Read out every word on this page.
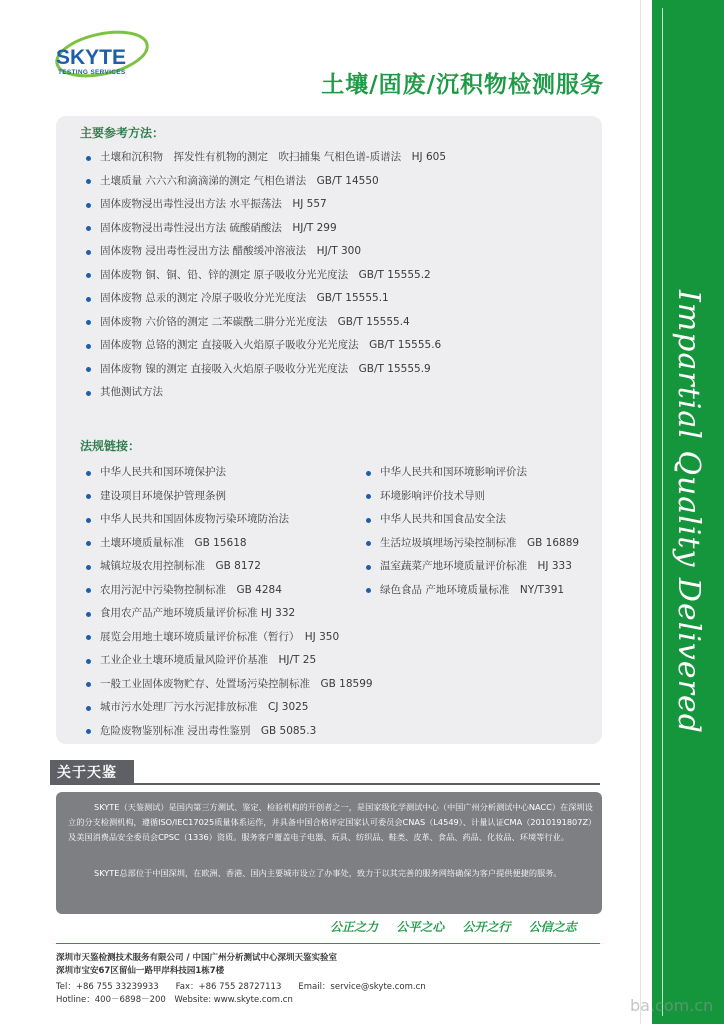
Impartial Quality Delivered
SKYTE
TESTING SERVICES	土壤/固废/沉积物检测服务
主要参考方法：
土壤和沉积物　挥发性有机物的测定　吹扫捕集 气相色谱-质谱法　HJ 605
土壤质量 六六六和滴滴涕的测定 气相色谱法　GB/T 14550
固体废物浸出毒性浸出方法 水平振荡法　HJ 557
固体废物浸出毒性浸出方法 硫酸硝酸法　HJ/T 299
固体废物 浸出毒性浸出方法 醋酸缓冲溶液法　HJ/T 300
固体废物 铜、铜、铅、锌的测定 原子吸收分光光度法　GB/T 15555.2
固体废物 总汞的测定 冷原子吸收分光光度法　GB/T 15555.1
固体废物 六价铬的测定 二苯碳酰二肼分光光度法　GB/T 15555.4
固体废物 总铬的测定 直接吸入火焰原子吸收分光光度法　GB/T 15555.6
固体废物 镍的测定 直接吸入火焰原子吸收分光光度法　GB/T 15555.9
其他测试方法
法规链接：
中华人民共和国环境保护法
建设项目环境保护管理条例
中华人民共和国固体废物污染环境防治法
土壤环境质量标准　GB 15618
城镇垃圾农用控制标准　GB 8172
农用污泥中污染物控制标准　GB 4284
食用农产品产地环境质量评价标准 HJ 332
展览会用地土壤环境质量评价标准（暂行）　HJ 350
工业企业土壤环境质量风险评价基准　HJ/T 25
一般工业固体废物贮存、处置场污染控制标准　GB 18599
城市污水处理厂污水污泥排放标准　CJ 3025
危险废物鉴别标准 浸出毒性鉴别　GB 5085.3
中华人民共和国环境影响评价法
环境影响评价技术导则
中华人民共和国食品安全法
生活垃圾填埋场污染控制标准　GB 16889
温室蔬菜产地环境质量评价标准　HJ 333
绿色食品 产地环境质量标准　NY/T391
关于天鉴

SKYTE（天鉴测试）是国内第三方测试、鉴定、检验机构的开创者之一，是国家级化学测试中心（中国广州分析测试中心NACC）在深圳设立的分支检测机构，遵循ISO/IEC17025质量体系运作，并具备中国合格评定国家认可委员会CNAS（L4549）、计量认证CMA（2010191807Z）及美国消费品安全委员会CPSC（1336）资质。服务客户覆盖电子电器、玩具、纺织品、鞋类、皮革、食品、药品、化妆品、环境等行业。

SKYTE总部位于中国深圳，在欧洲、香港、国内主要城市设立了办事处，致力于以其完善的服务网络确保为客户提供便捷的服务。

公正之力 公平之心 公开之行 公信之志
深圳市天鉴检测技术服务有限公司 / 中国广州分析测试中心深圳天鉴实验室
深圳市宝安67区留仙一路甲岸科技园1栋7楼
Tel：+86 755 33239933　　Fax：+86 755 28727113　　Email：service@skyte.com.cn
Hotline：400－6898－200　Website: www.skyte.com.cn	ba.com.cn
